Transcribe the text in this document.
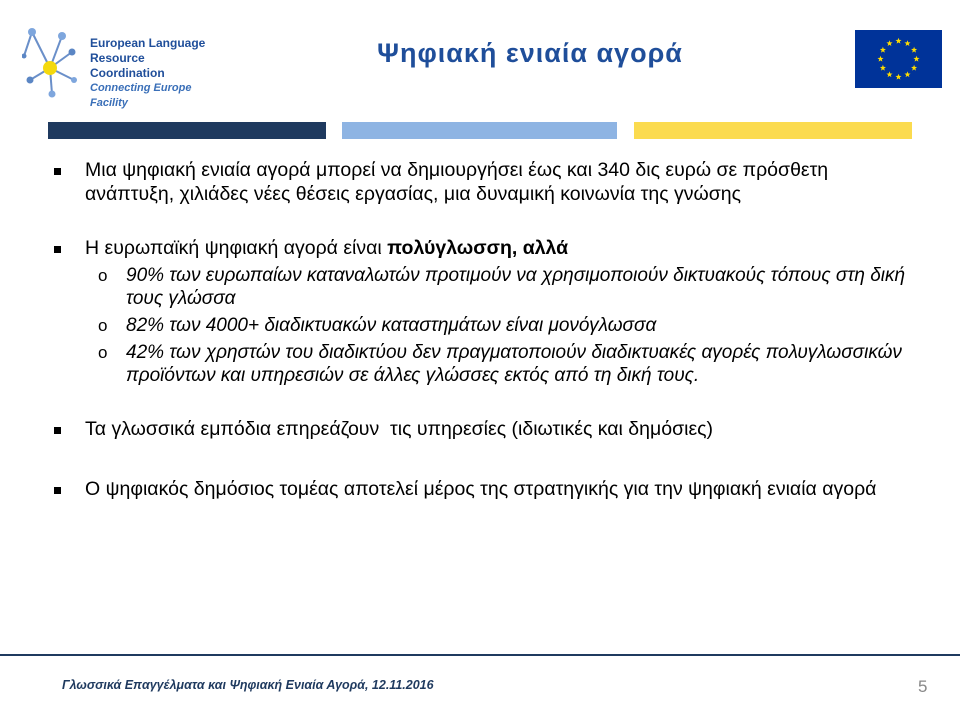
European Language
Resource Coordination
Connecting Europe Facility
Ψηφιακή ενιαία αγορά
Μια ψηφιακή ενιαία αγορά μπορεί να δημιουργήσει έως και 340 δις ευρώ σε πρόσθετη ανάπτυξη, χιλιάδες νέες θέσεις εργασίας, μια δυναμική κοινωνία της γνώσης
Η ευρωπαϊκή ψηφιακή αγορά είναι πολύγλωσση, αλλά
o 90% των ευρωπαίων καταναλωτών προτιμούν να χρησιμοποιούν δικτυακούς τόπους στη δική τους γλώσσα
o 82% των 4000+ διαδικτυακών καταστημάτων είναι μονόγλωσσα
o 42% των χρηστών του διαδικτύου δεν πραγματοποιούν διαδικτυακές αγορές πολυγλωσσικών προϊόντων και υπηρεσιών σε άλλες γλώσσες εκτός από τη δική τους.
Τα γλωσσικά εμπόδια επηρεάζουν  τις υπηρεσίες (ιδιωτικές και δημόσιες)
Ο ψηφιακός δημόσιος τομέας αποτελεί μέρος της στρατηγικής για την ψηφιακή ενιαία αγορά
Γλωσσικά Επαγγέλματα και Ψηφιακή Ενιαία Αγορά, 12.11.2016	5
